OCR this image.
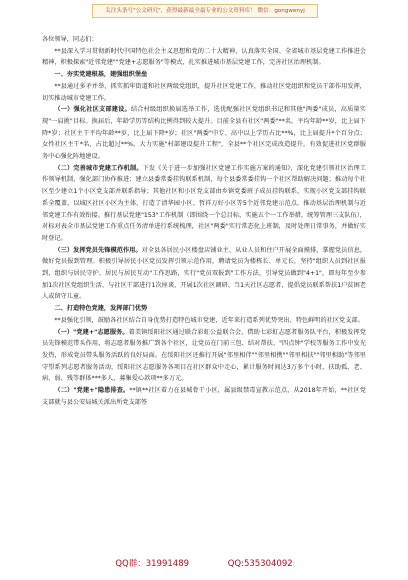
关注头条号"公文研究"，获得最新最全最专业的公文资料库！ 微信：gongwenyj

各位领导，同志们：

**县深入学习贯彻新时代中国特色社会主义思想和党的二十大精神，认真落实全国、全省城市基层党建工作推进会精神，积极探索"近邻党建""党建+志愿服务"等模式，扎实推进城市基层党建工作，完善社区治理机制。

一、夯实党建根基，建强组织堡垒

**县通过多矛并举，抓实抓牢街道和社区两级党组织，提升社区党建工作，推动社区党组织和党员干部作用发挥，切实推动城市党建工作。

（一）强化社区支部建设。结合村级组织换届选举工作，选优配强社区党组织书记和其他"两委"成员，高质量实现"一肩挑"目标。换届后，年龄学历等结构比例得到较大提升。目前全县有社区"两委"**名，平均年龄**岁，比上届下降*岁；社区主干平均年龄**岁，比上届下降*岁；社区"两委"中专、高中以上学历占比**%，比上届提升*个百分点；女性社区主干*名，占比超过**%。大力实施"村部建设提升工程"，全县**个社区完成改造提升，有效促进社区党群服务中心强化阵地建设。

（二）完善城市党建工作机制。下发《关于进一步加强社区党建工作实施方案的通知》，深化党建引领社区治理工作领导机制，强化部门协作推进；建立县委常委挂钩联系机制，每个县委常委挂钩一个社区帮助解决问题；推动每个社区至少建立1个小区党支部并联系指导；其他社区和小区党支部由乡镇党委班子成员挂钩联系，实现小区党支部挂钩联系全覆盖，以城区社区小区为主体，打造了清华园小区、哲祥万好小区等5个近邻党建示范点，推动基层治理机制与近邻党建工作有效衔接。推行基层党建"153"工作机制（即围绕一个总目标，实施五个一工作举措，统筹管理三支队伍），对标对表全市基层党建工作重点任务清单进行系统梳理，社区"两委"实行常态化上班制，及时处理日常事务，并做好实时登记。

（三）发挥党员先锋模范作用。对全县各居民小区楼盘店铺业主、从业人员和住户开展全面摸排，掌握党员信息，做好党员报到管理。积极引导居民小区党员发挥引领示范作用，聘请党员为楼栋长、单元长，坚持"组织人员到社区报到，组织与居民守护、居民与居民互动"工作思路，实行"党员双报到"工作方法，引导党员做到"4+1"，即每年至少参加1次社区党组织生活、与社区干部进行1次座谈、开展1次社区调研、当1天社区志愿者，提倡党员联系帮扶1户贫困老人或留守儿童。

二、打造特色党建，发挥部门优势

**县强化引领，鼓励各社区结合自身优势打造特色城市党建，近年来打造系列优势突出、特色鲜明的社区党支部。

（一）"党建+"志愿服务。着美镇绥阳社区通过联合彩虹公益联合会，借助七彩虹志愿者服务队平台，积极发挥党员先锋模范带头作用，将志愿者服务推广到各个社区，让党员在门前三包、结对帮扶、"四点钟"学校等服务工作中发光发热，形成党员带头服务活跃的良好局面。在绥阳社区还推行开展"邻里相伴""邻里相携""邻里相扶""邻里相助"等邻里守望系列志愿者服务活动，绥阳社区志愿服务各项目在社区群众中走心，累计服务时间达3万多个小时，扶助孤、老、病、弱、残等群体***多人，募集爱心款项**多万元。

（二）"党建+"隐患排查。**镇**社区着力在县城骨干小区，属县级禁毒宣教示范点，从2018年开始，**社区党支部就与县公安局城关派出所党支部签

QQ群：31991489	QQ:535304092
